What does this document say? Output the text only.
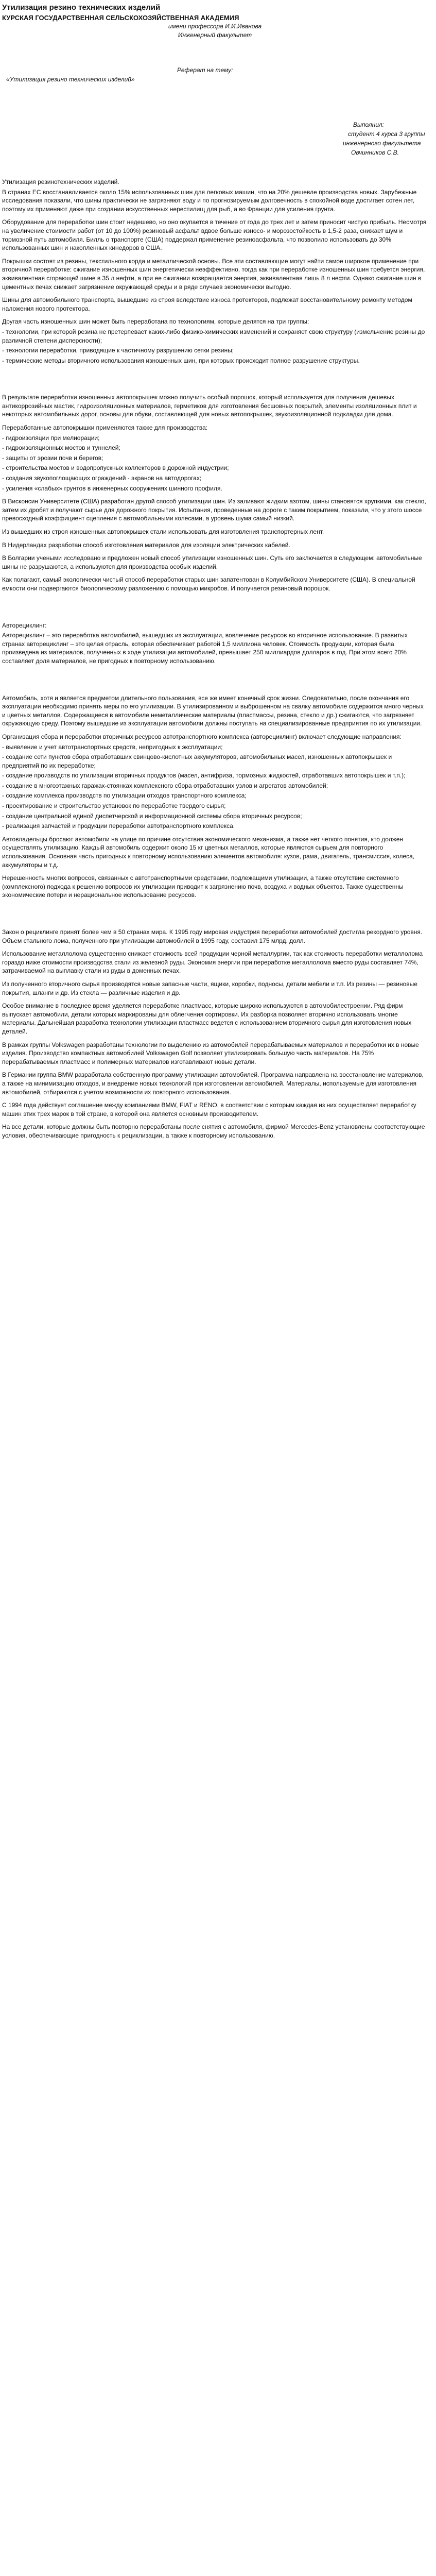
Утилизация резино технических изделий
КУРСКАЯ ГОСУДАРСТВЕННАЯ СЕЛЬСКОХОЗЯЙСТВЕННАЯ АКАДЕМИЯ
имени профессора И.И.Иванова
Инженерный факультет
Реферат на тему:
«Утилизация резино технических изделий»
Выполнил:
студент 4 курса 3 группы
инженерного факультета
Овчинников С.В.
Утилизация резинотехнических изделий.
В странах ЕС восстанавливается около 15% использованных шин для легковых машин, что на 20% дешевле производства новых. Зарубежные исследования показали, что шины практически не загрязняют воду и по прогнозируемым долговечность в спокойной воде достигает сотен лет, поэтому их применяют даже при создании искусственных нерестилищ для рыб, а во Франции для усиления грунта.
Оборудование для переработки шин стоит недешево, но оно окупается в течение от года до трех лет и затем приносит чистую прибыль. Несмотря на увеличение стоимости работ (от 10 до 100%) резиновый асфальт вдвое больше износо- и морозостойкость в 1,5-2 раза, снижает шум и тормозной путь автомобиля. Билль о транспорте (США) поддержал применение резиноасфальта, что позволило использовать до 30% использованных шин и накопленных кинедоров в США.
Покрышки состоят из резины, текстильного корда и металлической основы. Все эти составляющие могут найти самое широкое применение при вторичной переработке: сжигание изношенных шин энергетически неэффективно, тогда как при переработке изношенных шин требуется энергия, эквивалентная сгорающей шине в 35 л нефти, а при ее сжигании возвращается энергия, эквивалентная лишь 8 л нефти. Однако сжигание шин в цементных печах снижает загрязнение окружающей среды и в ряде случаев экономически выгодно.
Шины для автомобильного транспорта, вышедшие из строя вследствие износа протекторов, подлежат восстановительному ремонту методом наложения нового протектора.
Другая часть изношенных шин может быть переработана по технологиям, которые делятся на три группы:
- технологии, при которой резина не претерпевает каких-либо физико-химических изменений и сохраняет свою структуру (измельчение резины до различной степени дисперсности);
- технологии переработки, приводящие к частичному разрушению сетки резины;
- термические методы вторичного использования изношенных шин, при которых происходит полное разрушение структуры.
В результате переработки изношенных автопокрышек можно получить особый порошок, который используется для получения дешевых антикоррозийных мастик, гидроизоляционных материалов, герметиков для изготовления бесшовных покрытий, элементы изоляционных плит и некоторых автомобильных дорог, основы для обуви, составляющей для новых автопокрышек, звукоизоляционной подкладки для дома.
Переработанные автопокрышки применяются также для производства:
- гидроизоляции при мелиорации;
- гидроизоляционных мостов и туннелей;
- защиты от эрозии почв и берегов;
- строительства мостов и водопропускных коллекторов в дорожной индустрии;
- создания звукопоглощающих ограждений - экранов на автодорогах;
- усиления «слабых» грунтов в инженерных сооружениях шинного профиля.
В Висконсин Университете (США) разработан другой способ утилизации шин. Из заливают жидким азотом, шины становятся хрупкими, как стекло, затем их дробят и получают сырье для дорожного покрытия. Испытания, проведенные на дороге с таким покрытием, показали, что у этого шоссе превосходный коэффициент сцепления с автомобильными колесами, а уровень шума самый низкий.
Из вышедших из строя изношенных автопокрышек стали использовать для изготовления транспортерных лент.
В Нидерландах разработан способ изготовления материалов для изоляции электрических кабелей.
В Болгарии учеными исследовано и предложен новый способ утилизации изношенных шин. Суть его заключается в следующем: автомобильные шины не разрушаются, а используются для производства особых изделий.
Как полагают, самый экологически чистый способ переработки старых шин запатентован в Колумбийском Университете (США). В специальной емкости они подвергаются биологическому разложению с помощью микробов. И получается резиновый порошок.
Авторециклинг:
Авторециклинг – это переработка автомобилей, вышедших из эксплуатации, вовлечение ресурсов во вторичное использование. В развитых странах авторециклинг – это целая отрасль, которая обеспечивает работой 1,5 миллиона человек. Стоимость продукции, которая была произведена из материалов, полученных в ходе утилизации автомобилей, превышает 250 миллиардов долларов в год. При этом всего 20% составляет доля материалов, не пригодных к повторному использованию.
Автомобиль, хотя и является предметом длительного пользования, все же имеет конечный срок жизни. Следовательно, после окончания его эксплуатации необходимо принять меры по его утилизации. В утилизированном и выброшенном на свалку автомобиле содержится много черных и цветных металлов. Содержащиеся в автомобиле неметаллические материалы (пластмассы, резина, стекло и др.) сжигаются, что загрязняет окружающую среду. Поэтому вышедшие из эксплуатации автомобили должны поступать на специализированные предприятия по их утилизации.
Организация сбора и переработки вторичных ресурсов автотранспортного комплекса (авторециклинг) включает следующие направления:
- выявление и учет автотранспортных средств, непригодных к эксплуатации;
- создание сети пунктов сбора отработавших свинцово-кислотных аккумуляторов, автомобильных масел, изношенных автопокрышек и предприятий по их переработке;
- создание производств по утилизации вторичных продуктов (масел, антифриза, тормозных жидкостей, отработавших автопокрышек и т.п.);
- создание в многоэтажных гаражах-стоянках комплексного сбора отработавших узлов и агрегатов автомобилей;
- создание комплекса производств по утилизации отходов транспортного комплекса;
- проектирование и строительство установок по переработке твердого сырья;
- создание центральной единой диспетчерской и информационной системы сбора вторичных ресурсов;
- реализация запчастей и продукции переработки автотранспортного комплекса.
Автовладельцы бросают автомобили на улице по причине отсутствия экономического механизма, а также нет четкого понятия, кто должен осуществлять утилизацию. Каждый автомобиль содержит около 15 кг цветных металлов, которые являются сырьем для повторного использования. Основная часть пригодных к повторному использованию элементов автомобиля: кузов, рама, двигатель, трансмиссия, колеса, аккумуляторы и т.д.
Нерешенность многих вопросов, связанных с автотранспортными средствами, подлежащими утилизации, а также отсутствие системного (комплексного) подхода к решению вопросов их утилизации приводит к загрязнению почв, воздуха и водных объектов. Также существенны экономические потери и нерациональное использование ресурсов.
Закон о рециклинге принят более чем в 50 странах мира. К 1995 году мировая индустрия переработки автомобилей достигла рекордного уровня. Объем стального лома, полученного при утилизации автомобилей в 1995 году, составил 175 млрд. долл.
Использование металлолома существенно снижает стоимость всей продукции черной металлургии, так как стоимость переработки металлолома гораздо ниже стоимости производства стали из железной руды. Экономия энергии при переработке металлолома вместо руды составляет 74%, затрачиваемой на выплавку стали из руды в доменных печах.
Из полученного вторичного сырья производятся новые запасные части, ящики, коробки, подносы, детали мебели и т.п. Из резины — резиновые покрытия, шланги и др. Из стекла — различные изделия и др.
Особое внимание в последнее время уделяется переработке пластмасс, которые широко используются в автомобилестроении. Ряд фирм выпускает автомобили, детали которых маркированы для облегчения сортировки. Их разборка позволяет вторично использовать многие материалы. Дальнейшая разработка технологии утилизации пластмасс ведется с использованием вторичного сырья для изготовления новых деталей.
В рамках группы Volkswagen разработаны технологии по выделению из автомобилей перерабатываемых материалов и переработки их в новые изделия. Производство компактных автомобилей Volkswagen Golf позволяет утилизировать большую часть материалов. На 75% перерабатываемых пластмасс и полимерных материалов изготавливают новые детали.
В Германии группа BMW разработала собственную программу утилизации автомобилей. Программа направлена на восстановление материалов, а также на минимизацию отходов, и внедрение новых технологий при изготовлении автомобилей. Материалы, используемые для изготовления автомобилей, отбираются с учетом возможности их повторного использования.
С 1994 года действует соглашение между компаниями BMW, FIAT и RENO, в соответствии с которым каждая из них осуществляет переработку машин этих трех марок в той стране, в которой она является основным производителем.
На все детали, которые должны быть повторно переработаны после снятия с автомобиля, фирмой Mercedes-Benz установлены соответствующие условия, обеспечивающие пригодность к рециклизации, а также к повторному использованию.
